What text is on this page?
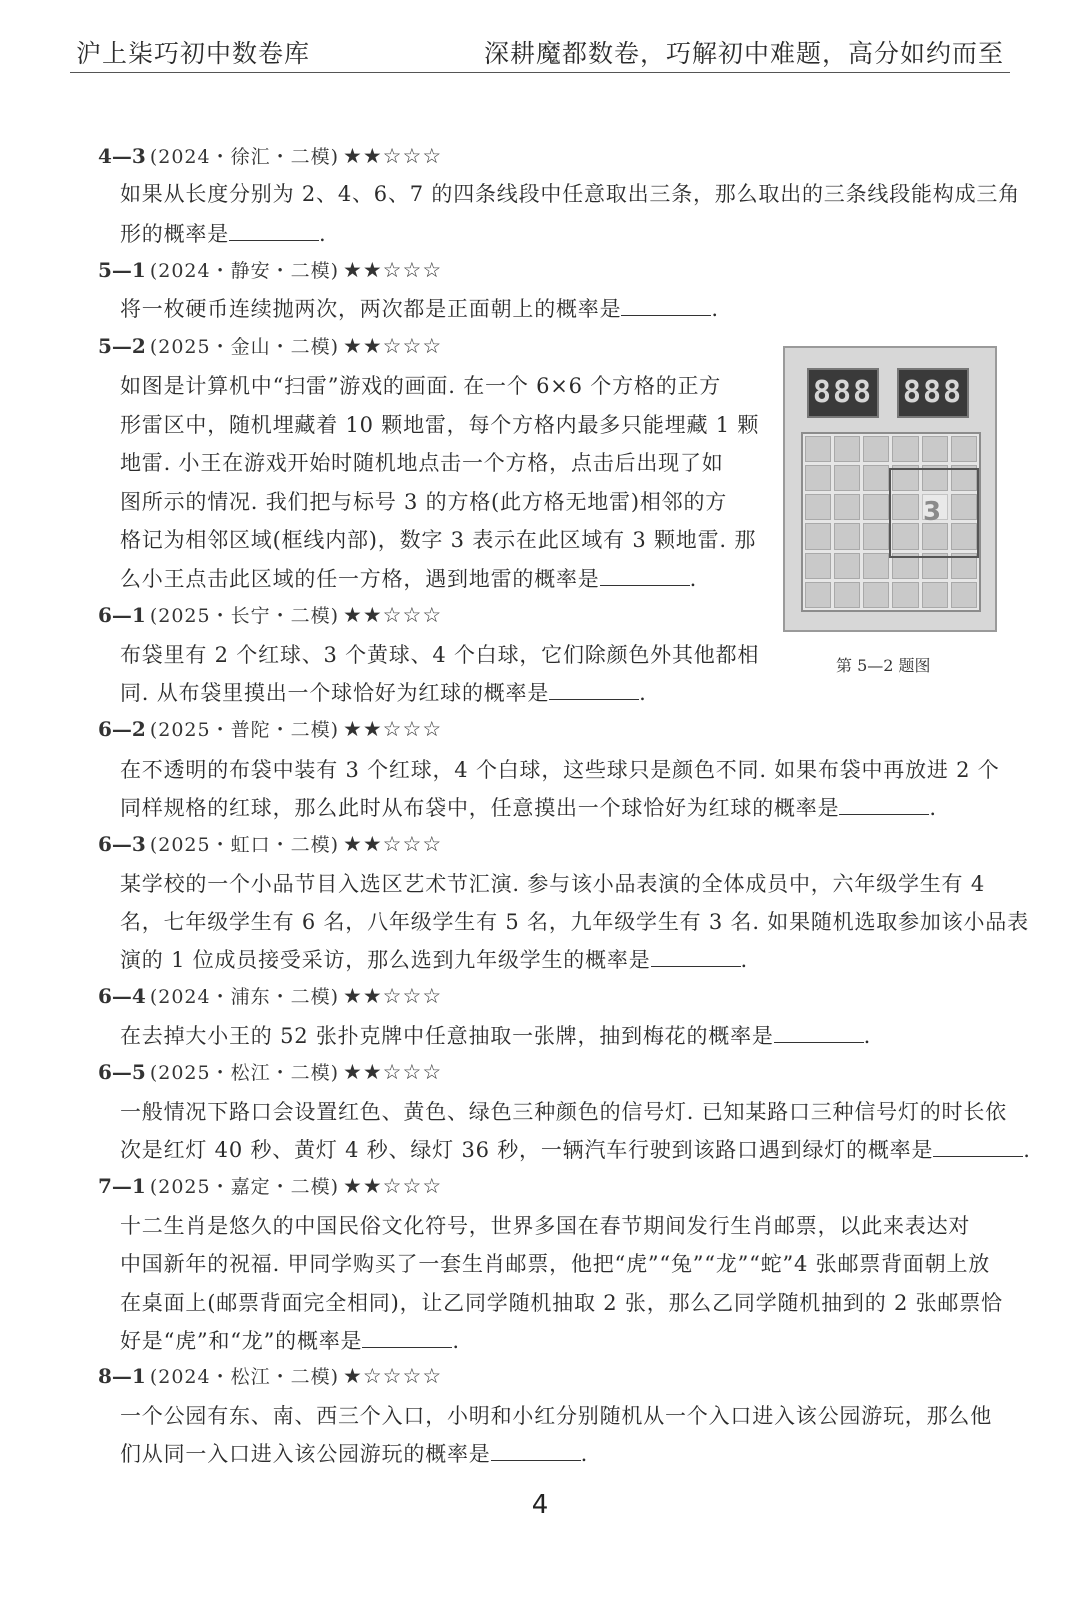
沪上柒巧初中数卷库	深耕魔都数卷，巧解初中难题，高分如约而至
4—3 (2024・徐汇・二模) ★★☆☆☆
如果从长度分别为 2、4、6、7 的四条线段中任意取出三条，那么取出的三条线段能构成三角
形的概率是	.
5—1 (2024・静安・二模) ★★☆☆☆
将一枚硬币连续抛两次，两次都是正面朝上的概率是	.
5—2 (2025・金山・二模) ★★☆☆☆
如图是计算机中“扫雷”游戏的画面. 在一个 6×6 个方格的正方
形雷区中，随机埋藏着 10 颗地雷，每个方格内最多只能埋藏 1 颗
地雷. 小王在游戏开始时随机地点击一个方格，点击后出现了如
图所示的情况. 我们把与标号 3 的方格(此方格无地雷)相邻的方
格记为相邻区域(框线内部)，数字 3 表示在此区域有 3 颗地雷. 那
么小王点击此区域的任一方格，遇到地雷的概率是	.
6—1 (2025・长宁・二模) ★★☆☆☆
布袋里有 2 个红球、3 个黄球、4 个白球，它们除颜色外其他都相
同. 从布袋里摸出一个球恰好为红球的概率是	.
6—2 (2025・普陀・二模) ★★☆☆☆
在不透明的布袋中装有 3 个红球，4 个白球，这些球只是颜色不同. 如果布袋中再放进 2 个
同样规格的红球，那么此时从布袋中，任意摸出一个球恰好为红球的概率是	.
6—3 (2025・虹口・二模) ★★☆☆☆
某学校的一个小品节目入选区艺术节汇演. 参与该小品表演的全体成员中，六年级学生有 4
名，七年级学生有 6 名，八年级学生有 5 名，九年级学生有 3 名. 如果随机选取参加该小品表
演的 1 位成员接受采访，那么选到九年级学生的概率是	.
6—4 (2024・浦东・二模) ★★☆☆☆
在去掉大小王的 52 张扑克牌中任意抽取一张牌，抽到梅花的概率是	.
6—5 (2025・松江・二模) ★★☆☆☆
一般情况下路口会设置红色、黄色、绿色三种颜色的信号灯. 已知某路口三种信号灯的时长依
次是红灯 40 秒、黄灯 4 秒、绿灯 36 秒，一辆汽车行驶到该路口遇到绿灯的概率是	.
7—1 (2025・嘉定・二模) ★★☆☆☆
十二生肖是悠久的中国民俗文化符号，世界多国在春节期间发行生肖邮票，以此来表达对
中国新年的祝福. 甲同学购买了一套生肖邮票，他把“虎”“兔”“龙”“蛇”4 张邮票背面朝上放
在桌面上(邮票背面完全相同)，让乙同学随机抽取 2 张，那么乙同学随机抽到的 2 张邮票恰
好是“虎”和“龙”的概率是	.
8—1 (2024・松江・二模) ★☆☆☆☆
一个公园有东、南、西三个入口，小明和小红分别随机从一个入口进入该公园游玩，那么他
们从同一入口进入该公园游玩的概率是	.
888 888
3
第 5—2 题图
4
